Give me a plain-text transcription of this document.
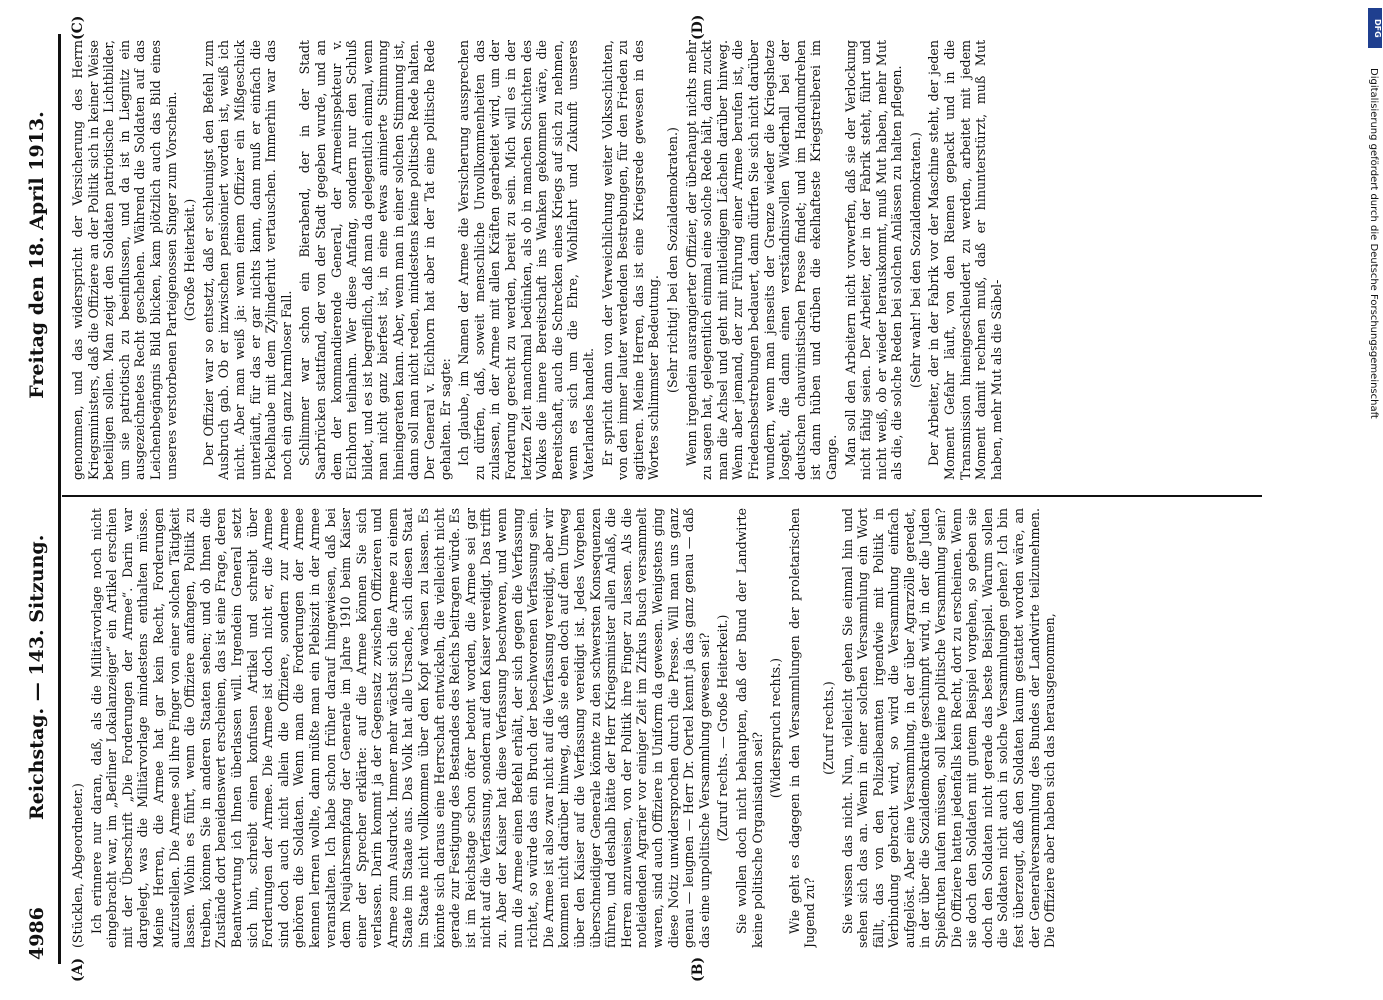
4986
Reichstag. — 143. Sitzung.
Freitag den 18. April 1913.
(A)	(B)
(C)	(D)

(Stücklen, Abgeordneter.) Ich erinnere nur daran, daß, als die Militärvorlage noch nicht eingebracht war, im „Berliner Lokalanzeiger“ ein Artikel erschien mit der Überschrift „Die Forderungen der Armee“. Darin war dargelegt, was die Militärvorlage mindestens enthalten müsse. Meine Herren, die Armee hat gar kein Recht, Forderungen aufzustellen. Die Armee soll ihre Finger von einer solchen Tätigkeit lassen. Wohin es führt, wenn die Offiziere anfangen, Politik zu treiben, können Sie in anderen Staaten sehen; und ob Ihnen die Zustände dort beneidenswert erscheinen, das ist eine Frage, deren Beantwortung ich Ihnen überlassen will. Irgendein General setzt sich hin, schreibt einen konfusen Artikel und schreibt über Forderungen der Armee. Die Armee ist doch nicht er, die Armee sind doch auch nicht allein die Offiziere, sondern zur Armee gehören die Soldaten. Wenn man die Forderungen der Armee kennen lernen wollte, dann müßte man ein Plebiszit in der Armee veranstalten. Ich habe schon früher darauf hingewiesen, daß bei dem Neujahrsempfang der Generale im Jahre 1910 beim Kaiser einer der Sprecher erklärte: auf die Armee können Sie sich verlassen. Darin kommt ja der Gegensatz zwischen Offizieren und Armee zum Ausdruck. Immer mehr wächst sich die Armee zu einem Staate im Staate aus. Das Volk hat alle Ursache, sich diesen Staat im Staate nicht vollkommen über den Kopf wachsen zu lassen. Es könnte sich daraus eine Herrschaft entwickeln, die vielleicht nicht gerade zur Festigung des Bestandes des Reichs beitragen würde. Es ist im Reichstage schon öfter betont worden, die Armee sei gar nicht auf die Verfassung, sondern auf den Kaiser vereidigt. Das trifft zu. Aber der Kaiser hat diese Verfassung beschworen, und wenn nun die Armee einen Befehl erhält, der sich gegen die Verfassung richtet, so würde das ein Bruch der beschworenen Verfassung sein. Die Armee ist also zwar nicht auf die Verfassung vereidigt, aber wir kommen nicht darüber hinweg, daß sie eben doch auf dem Umweg über den Kaiser auf die Verfassung vereidigt ist. Jedes Vorgehen überschneidiger Generale könnte zu den schwersten Konsequenzen führen, und deshalb hätte der Herr Kriegsminister allen Anlaß, die Herren anzuweisen, von der Politik ihre Finger zu lassen. Als die notleidenden Agrarier vor einiger Zeit im Zirkus Busch versammelt waren, sind auch Offiziere in Uniform da gewesen. Wenigstens ging diese Notiz unwidersprochen durch die Presse. Will man uns ganz genau — leugnen — Herr Dr. Oertel kennt ja das ganz genau — daß das eine unpolitische Versammlung gewesen sei? (Zuruf rechts. — Große Heiterkeit.) Sie wollen doch nicht behaupten, daß der Bund der Landwirte keine politische Organisation sei?

(Widerspruch rechts.) Wie geht es dagegen in den Versammlungen der proletarischen Jugend zu?

(Zuruf rechts.) Sie wissen das nicht. Nun, vielleicht gehen Sie einmal hin und sehen sich das an. Wenn in einer solchen Versammlung ein Wort fällt, das von den Polizeibeamten irgendwie mit Politik in Verbindung gebracht wird, so wird die Versammlung einfach aufgelöst. Aber eine Versammlung, in der über Agrarzölle geredet, in der über die Sozialdemokratie geschimpft wird, in der die Juden Spießruten laufen müssen, soll keine politische Versammlung sein? Die Offiziere hatten jedenfalls kein Recht, dort zu erscheinen. Wenn sie doch den Soldaten mit gutem Beispiel vorgehen, so geben sie doch den Soldaten nicht gerade das beste Beispiel. Warum sollen die Soldaten nicht auch in solche Versammlungen gehen? Ich bin fest überzeugt, daß den Soldaten kaum gestattet worden wäre, an der Generalversammlung des Bundes der Landwirte teilzunehmen. Die Offiziere aber haben sich das herausgenommen,

genommen, und das widerspricht der Versicherung des Herrn Kriegsministers, daß die Offiziere an der Politik sich in keiner Weise beteiligen sollen. Man zeigt den Soldaten patriotische Lichtbilder, um sie patriotisch zu beeinflussen, und da ist in Liegnitz ein ausgezeichnetes Recht geschehen. Während die Soldaten auf das Leichenbegängnis Bild blicken, kam plötzlich auch das Bild eines unseres verstorbenen Parteigenossen Singer zum Vorschein. (Große Heiterkeit.) Der Offizier war so entsetzt, daß er schleunigst den Befehl zum Ausbruch gab. Ob er inzwischen pensioniert worden ist, weiß ich nicht. Aber man weiß ja: wenn einem Offizier ein Mißgeschick unterläuft, für das er gar nichts kann, dann muß er einfach die Pickelhaube mit dem Zylinderhut vertauschen. Immerhin war das noch ein ganz harmloser Fall. Schlimmer war schon ein Bierabend, der in der Stadt Saarbrücken stattfand, der von der Stadt gegeben wurde, und an dem der kommandierende General, der Armeeinspekteur v. Eichhorn teilnahm. Wer diese Anfang, sondern nur den Schluß bildet, und es ist begreiflich, daß man da gelegentlich einmal, wenn man nicht ganz bierfest ist, in eine etwas animierte Stimmung hineingeraten kann. Aber, wenn man in einer solchen Stimmung ist, dann soll man nicht reden, mindestens keine politische Rede halten. Der General v. Eichhorn hat aber in der Tat eine politische Rede gehalten. Er sagte: Ich glaube, im Namen der Armee die Versicherung aussprechen zu dürfen, daß, soweit menschliche Unvollkommenheiten das zulassen, in der Armee mit allen Kräften gearbeitet wird, um der Forderung gerecht zu werden, bereit zu sein. Mich will es in der letzten Zeit manchmal bedünken, als ob in manchen Schichten des Volkes die innere Bereitschaft ins Wanken gekommen wäre, die Bereitschaft, auch die Schrecken eines Kriegs auf sich zu nehmen, wenn es sich um die Ehre, Wohlfahrt und Zukunft unseres Vaterlandes handelt. Er spricht dann von der Verweichlichung weiter Volksschichten, von den immer lauter werdenden Bestrebungen, für den Frieden zu agitieren. Meine Herren, das ist eine Kriegsrede gewesen in des Wortes schlimmster Bedeutung. (Sehr richtig! bei den Sozialdemokraten.) Wenn irgendein ausrangierter Offizier, der überhaupt nichts mehr zu sagen hat, gelegentlich einmal eine solche Rede hält, dann zuckt man die Achsel und geht mit mitleidigem Lächeln darüber hinweg. Wenn aber jemand, der zur Führung einer Armee berufen ist, die Friedensbestrebungen bedauert, dann dürfen Sie sich nicht darüber wundern, wenn man jenseits der Grenze wieder die Kriegshetze losgeht, die dann einen verständnisvollen Widerhall bei der deutschen chauvinistischen Presse findet; und im Handumdrehen ist dann hüben und drüben die ekelhafteste Kriegstreiberei im Gange. Man soll den Arbeitern nicht vorwerfen, daß sie der Verlockung nicht fähig seien. Der Arbeiter, der in der Fabrik steht, führt und nicht weiß, ob er wieder herauskommt, muß Mut haben, mehr Mut als die, die solche Reden bei solchen Anlässen zu halten pflegen. (Sehr wahr! bei den Sozialdemokraten.) Der Arbeiter, der in der Fabrik vor der Maschine steht, der jeden Moment Gefahr läuft, von den Riemen gepackt und in die Transmission hineingeschleudert zu werden, arbeitet mit jedem Moment damit rechnen muß, daß er hinunterstürzt, muß Mut haben, mehr Mut als die Säbel-

DFG
Digitalisierung gefördert durch die Deutsche Forschungsgemeinschaft
